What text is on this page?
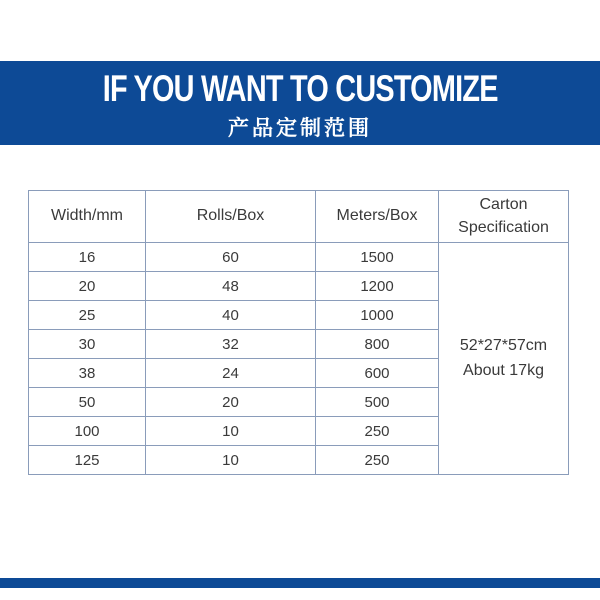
IF YOU WANT TO CUSTOMIZE
产品定制范围
Width/mm	Rolls/Box	Meters/Box	Carton Specification
16	60	1500	52*27*57cm
About 17kg

20	48	1200	
25	40	1000	
30	32	800	
38	24	600	
50	20	500	
100	10	250	
125	10	250	
